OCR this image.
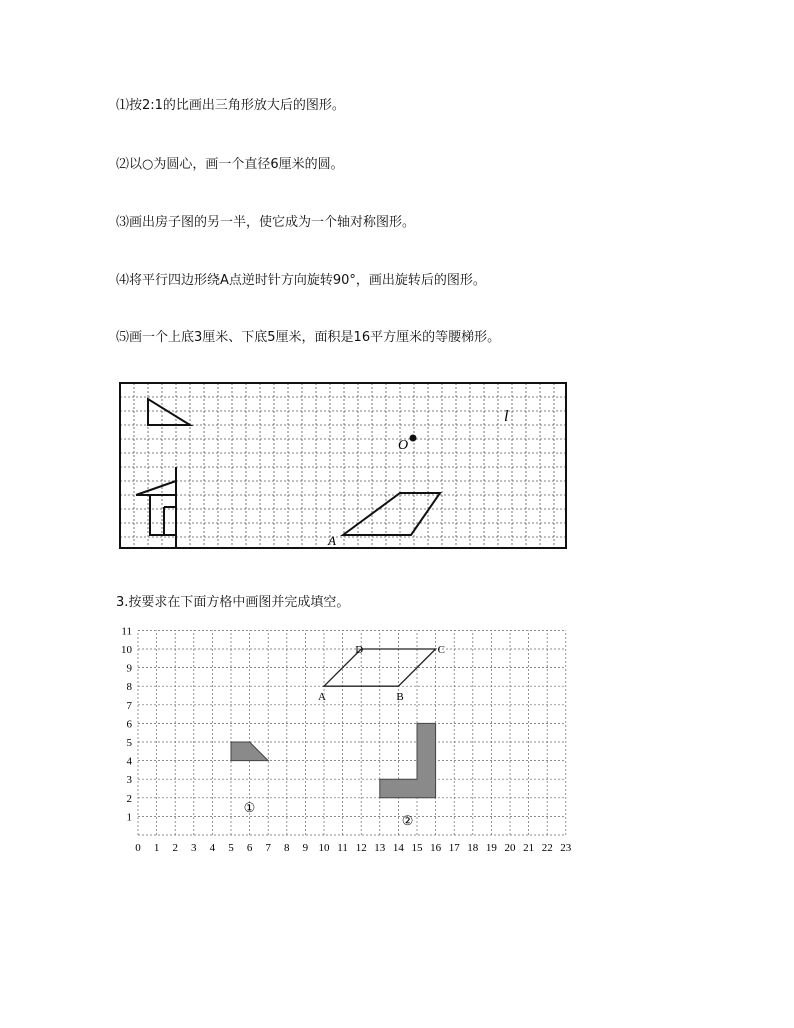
⑴按2:1的比画出三角形放大后的图形。
⑵以○为圆心，画一个直径6厘米的圆。
⑶画出房子图的另一半，使它成为一个轴对称图形。
⑷将平行四边形绕A点逆时针方向旋转90°，画出旋转后的图形。
⑸画一个上底3厘米、下底5厘米，面积是16平方厘米的等腰梯形。
O
l
A
3.按要求在下面方格中画图并完成填空。
0 1 2 3 4 5 6 7 8 9 10 11 12 13 14 15 16 17 18 19 20 21 22 23
1
2
3
4
5
6
7
8
9
10
11
A	B
C
D
①
②
